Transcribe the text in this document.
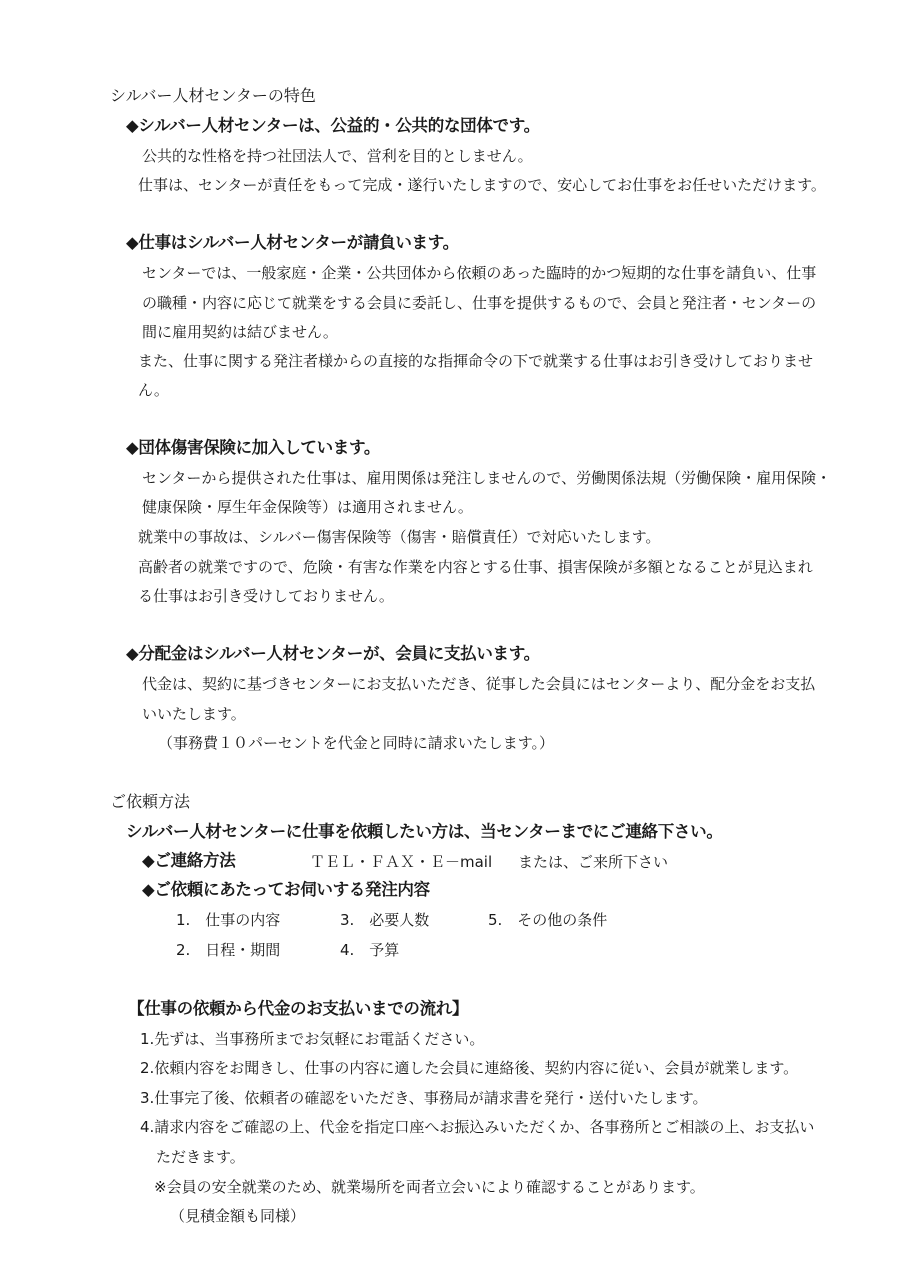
シルバー人材センターの特色
◆シルバー人材センターは、公益的・公共的な団体です。
公共的な性格を持つ社団法人で、営利を目的としません。
仕事は、センターが責任をもって完成・遂行いたしますので、安心してお仕事をお任せいただけます。
◆仕事はシルバー人材センターが請負います。
センターでは、一般家庭・企業・公共団体から依頼のあった臨時的かつ短期的な仕事を請負い、仕事
の職種・内容に応じて就業をする会員に委託し、仕事を提供するもので、会員と発注者・センターの
間に雇用契約は結びません。
また、仕事に関する発注者様からの直接的な指揮命令の下で就業する仕事はお引き受けしておりませ
ん。
◆団体傷害保険に加入しています。
センターから提供された仕事は、雇用関係は発注しませんので、労働関係法規（労働保険・雇用保険・
健康保険・厚生年金保険等）は適用されません。
就業中の事故は、シルバー傷害保険等（傷害・賠償責任）で対応いたします。
高齢者の就業ですので、危険・有害な作業を内容とする仕事、損害保険が多額となることが見込まれ
る仕事はお引き受けしておりません。
◆分配金はシルバー人材センターが、会員に支払います。
代金は、契約に基づきセンターにお支払いただき、従事した会員にはセンターより、配分金をお支払
いいたします。
（事務費１０パーセントを代金と同時に請求いたします。）
ご依頼方法
シルバー人材センターに仕事を依頼したい方は、当センターまでにご連絡下さい。
◆ご連絡方法	ＴＥＬ・ＦＡＸ・Ｅ－mail または、ご来所下さい
◆ご依頼にあたってお伺いする発注内容
1.　仕事の内容	3.　必要人数	5.　その他の条件
2.　日程・期間	4.　予算
【仕事の依頼から代金のお支払いまでの流れ】
1.先ずは、当事務所までお気軽にお電話ください。
2.依頼内容をお聞きし、仕事の内容に適した会員に連絡後、契約内容に従い、会員が就業します。
3.仕事完了後、依頼者の確認をいただき、事務局が請求書を発行・送付いたします。
4.請求内容をご確認の上、代金を指定口座へお振込みいただくか、各事務所とご相談の上、お支払い
ただきます。
※会員の安全就業のため、就業場所を両者立会いにより確認することがあります。
（見積金額も同様）
